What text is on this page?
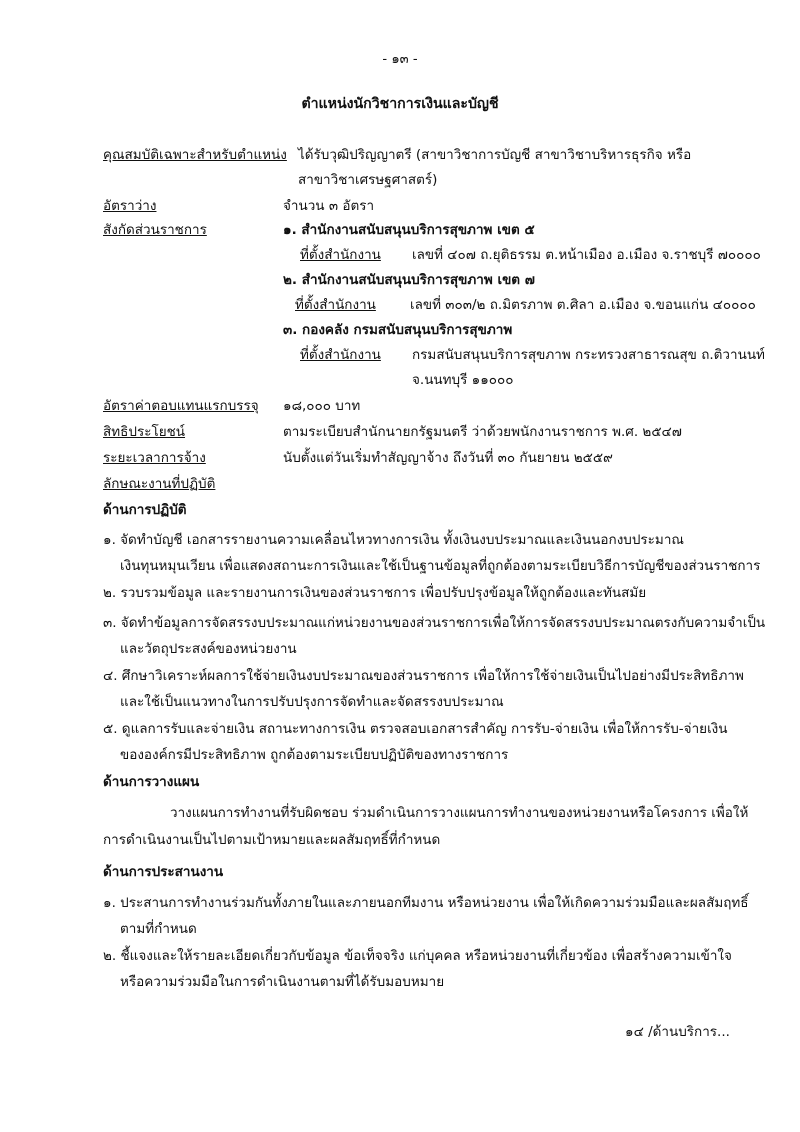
- ๑๓ -
ตำแหน่งนักวิชาการเงินและบัญชี
คุณสมบัติเฉพาะสำหรับตำแหน่ง ได้รับวุฒิปริญญาตรี (สาขาวิชาการบัญชี สาขาวิชาบริหารธุรกิจ หรือ
สาขาวิชาเศรษฐศาสตร์)
อัตราว่าง	จำนวน ๓ อัตรา
สังกัดส่วนราชการ	๑. สำนักงานสนับสนุนบริการสุขภาพ เขต ๕
ที่ตั้งสำนักงาน เลขที่ ๔๐๗ ถ.ยุติธรรม ต.หน้าเมือง อ.เมือง จ.ราชบุรี ๗๐๐๐๐
๒. สำนักงานสนับสนุนบริการสุขภาพ เขต ๗
ที่ตั้งสำนักงาน	เลขที่ ๓๐๓/๒ ถ.มิตรภาพ ต.ศิลา อ.เมือง จ.ขอนแก่น ๔๐๐๐๐
๓. กองคลัง กรมสนับสนุนบริการสุขภาพ
ที่ตั้งสำนักงาน กรมสนับสนุนบริการสุขภาพ กระทรวงสาธารณสุข ถ.ติวานนท์
จ.นนทบุรี ๑๑๐๐๐
อัตราค่าตอบแทนแรกบรรจุ ๑๘,๐๐๐ บาท
สิทธิประโยชน์	ตามระเบียบสำนักนายกรัฐมนตรี ว่าด้วยพนักงานราชการ พ.ศ. ๒๕๔๗
ระยะเวลาการจ้าง	นับตั้งแต่วันเริ่มทำสัญญาจ้าง ถึงวันที่ ๓๐ กันยายน ๒๕๕๙
ลักษณะงานที่ปฏิบัติ
ด้านการปฏิบัติ
๑. จัดทำบัญชี เอกสารรายงานความเคลื่อนไหวทางการเงิน ทั้งเงินงบประมาณและเงินนอกงบประมาณ
เงินทุนหมุนเวียน เพื่อแสดงสถานะการเงินและใช้เป็นฐานข้อมูลที่ถูกต้องตามระเบียบวิธีการบัญชีของส่วนราชการ
๒. รวบรวมข้อมูล และรายงานการเงินของส่วนราชการ เพื่อปรับปรุงข้อมูลให้ถูกต้องและทันสมัย
๓. จัดทำข้อมูลการจัดสรรงบประมาณแก่หน่วยงานของส่วนราชการเพื่อให้การจัดสรรงบประมาณตรงกับความจำเป็น
และวัตถุประสงค์ของหน่วยงาน
๔. ศึกษาวิเคราะห์ผลการใช้จ่ายเงินงบประมาณของส่วนราชการ เพื่อให้การใช้จ่ายเงินเป็นไปอย่างมีประสิทธิภาพ
และใช้เป็นแนวทางในการปรับปรุงการจัดทำและจัดสรรงบประมาณ
๕. ดูแลการรับและจ่ายเงิน สถานะทางการเงิน ตรวจสอบเอกสารสำคัญ การรับ-จ่ายเงิน เพื่อให้การรับ-จ่ายเงิน
ขององค์กรมีประสิทธิภาพ ถูกต้องตามระเบียบปฏิบัติของทางราชการ
ด้านการวางแผน
วางแผนการทำงานที่รับผิดชอบ ร่วมดำเนินการวางแผนการทำงานของหน่วยงานหรือโครงการ เพื่อให้
การดำเนินงานเป็นไปตามเป้าหมายและผลสัมฤทธิ์ที่กำหนด
ด้านการประสานงาน
๑. ประสานการทำงานร่วมกันทั้งภายในและภายนอกทีมงาน หรือหน่วยงาน เพื่อให้เกิดความร่วมมือและผลสัมฤทธิ์
ตามที่กำหนด
๒. ชี้แจงและให้รายละเอียดเกี่ยวกับข้อมูล ข้อเท็จจริง แก่บุคคล หรือหน่วยงานที่เกี่ยวข้อง เพื่อสร้างความเข้าใจ
หรือความร่วมมือในการดำเนินงานตามที่ได้รับมอบหมาย
๑๔ /ด้านบริการ...
